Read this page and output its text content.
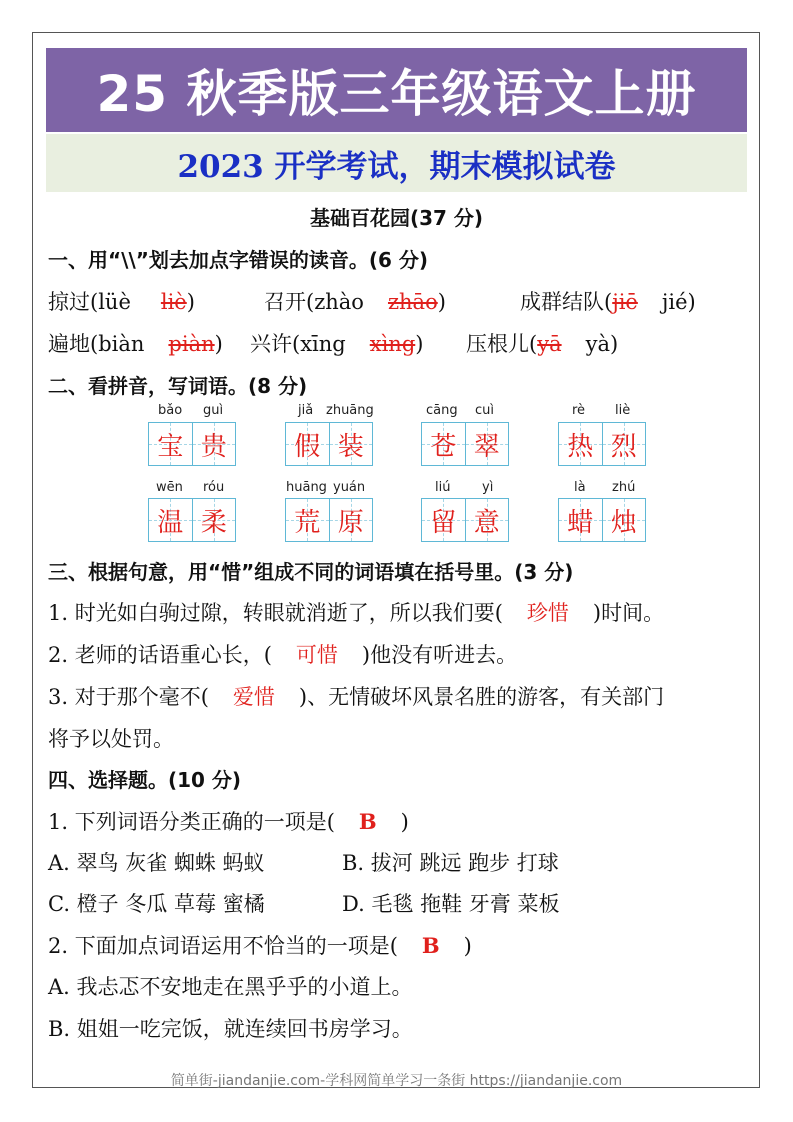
25 秋季版三年级语文上册
2023 开学考试，期末模拟试卷
基础百花园(37 分)
一、用“\\”划去加点字错误的读音。(6 分)
掠过(lüè liè)	召开(zhào zhāo)	成群结队(jiē jié)
遍地(biàn piàn) 兴许(xīng xìng) 压根儿(yā yà)
二、看拼音，写词语。(8 分)
bǎo guì
宝 贵
jiǎ zhuāng
假 装
cāng cuì
苍 翠
rè liè
热 烈
wēn róu
温 柔
huāng yuán
荒 原
liú yì
留 意
là zhú
蜡 烛
三、根据句意，用“惜”组成不同的词语填在括号里。(3 分)
1. 时光如白驹过隙，转眼就消逝了，所以我们要( 珍惜 )时间。
2. 老师的话语重心长，( 可惜 )他没有听进去。
3. 对于那个毫不( 爱惜 )、无情破坏风景名胜的游客，有关部门
将予以处罚。
四、选择题。(10 分)
1. 下列词语分类正确的一项是( B )
A. 翠鸟 灰雀 蜘蛛 蚂蚁	B. 拔河 跳远 跑步 打球
C. 橙子 冬瓜 草莓 蜜橘	D. 毛毯 拖鞋 牙膏 菜板
2. 下面加点词语运用不恰当的一项是( B )
A. 我忐忑不安地走在黑乎乎的小道上。
B. 姐姐一吃完饭，就连续回书房学习。
简单街-jiandanjie.com-学科网简单学习一条街 https://jiandanjie.com
